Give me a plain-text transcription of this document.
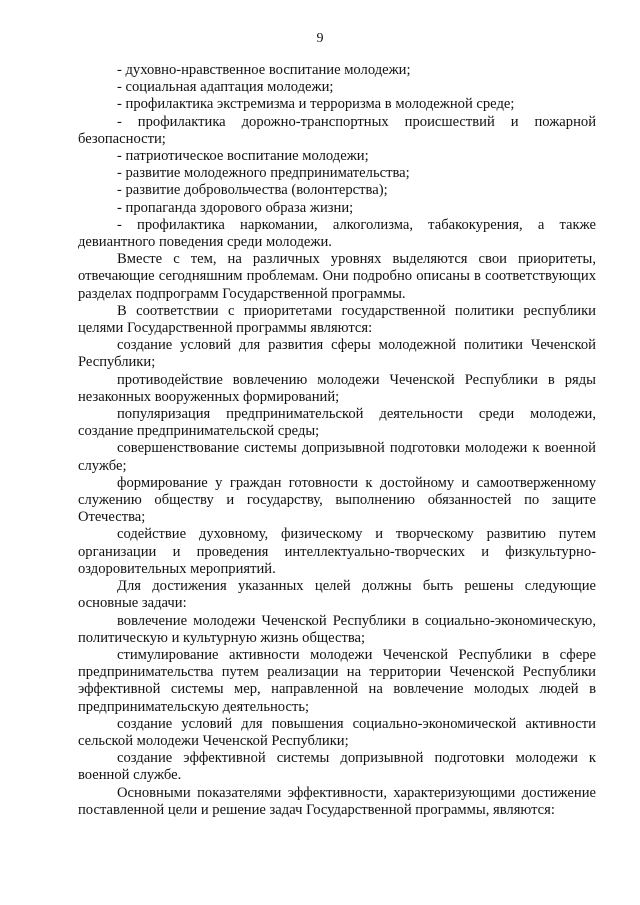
9

- духовно-нравственное воспитание молодежи;

- социальная адаптация молодежи;

- профилактика экстремизма и терроризма в молодежной среде;

- профилактика дорожно-транспортных происшествий и пожарной безопасности;

- патриотическое воспитание молодежи;

- развитие молодежного предпринимательства;

- развитие добровольчества (волонтерства);

- пропаганда здорового образа жизни;

- профилактика наркомании, алкоголизма, табакокурения, а также девиантного поведения среди молодежи.

Вместе с тем, на различных уровнях выделяются свои приоритеты, отвечающие сегодняшним проблемам. Они подробно описаны в соответствующих разделах подпрограмм Государственной программы.

В соответствии с приоритетами государственной политики республики целями Государственной программы являются:

создание условий для развития сферы молодежной политики Чеченской Республики;

противодействие вовлечению молодежи Чеченской Республики в ряды незаконных вооруженных формирований;

популяризация предпринимательской деятельности среди молодежи, создание предпринимательской среды;

совершенствование системы допризывной подготовки молодежи к военной службе;

формирование у граждан готовности к достойному и самоотверженному служению обществу и государству, выполнению обязанностей по защите Отечества;

содействие духовному, физическому и творческому развитию путем организации и проведения интеллектуально-творческих и физкультурно-оздоровительных мероприятий.

Для достижения указанных целей должны быть решены следующие основные задачи:

вовлечение молодежи Чеченской Республики в социально-экономическую, политическую и культурную жизнь общества;

стимулирование активности молодежи Чеченской Республики в сфере предпринимательства путем реализации на территории Чеченской Республики эффективной системы мер, направленной на вовлечение молодых людей в предпринимательскую деятельность;

создание условий для повышения социально-экономической активности сельской молодежи Чеченской Республики;

создание эффективной системы допризывной подготовки молодежи к военной службе.

Основными показателями эффективности, характеризующими достижение поставленной цели и решение задач Государственной программы, являются:
